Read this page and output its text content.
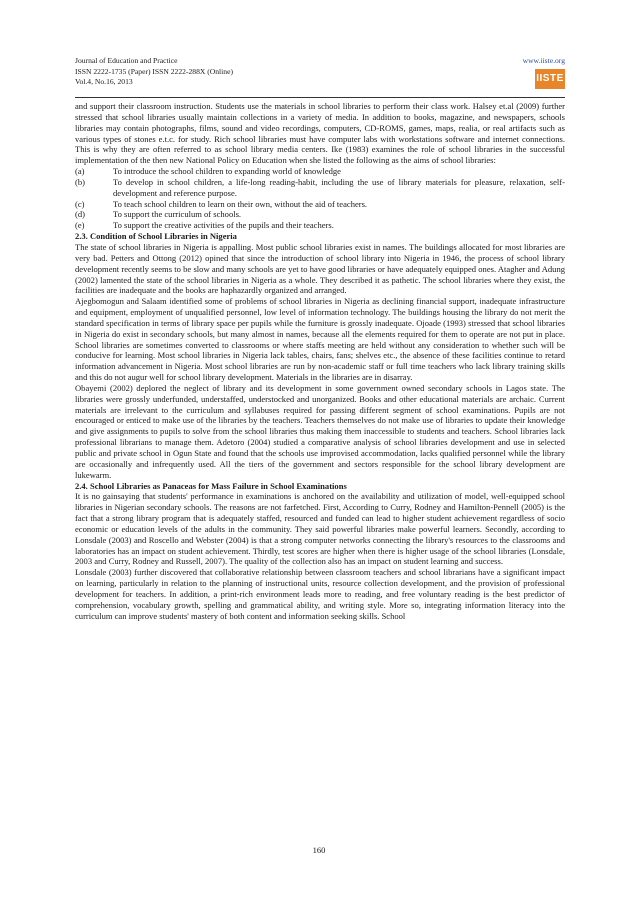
Journal of Education and Practice
ISSN 2222-1735 (Paper) ISSN 2222-288X (Online)
Vol.4, No.16, 2013
www.iiste.org
IISTE

and support their classroom instruction. Students use the materials in school libraries to perform their class work. Halsey et.al (2009) further stressed that school libraries usually maintain collections in a variety of media. In addition to books, magazine, and newspapers, schools libraries may contain photographs, films, sound and video recordings, computers, CD-ROMS, games, maps, realia, or real artifacts such as various types of stones e.t.c. for study. Rich school libraries must have computer labs with workstations software and internet connections. This is why they are often referred to as school library media centers. Ike (1983) examines the role of school libraries in the successful implementation of the then new National Policy on Education when she listed the following as the aims of school libraries:

(a)	To introduce the school children to expanding world of knowledge
(b)	To develop in school children, a life-long reading-habit, including the use of library materials for pleasure, relaxation, self-development and reference purpose.
(c)	To teach school children to learn on their own, without the aid of teachers.
(d)	To support the curriculum of schools.
(e)	To support the creative activities of the pupils and their teachers.

2.3. Condition of School Libraries in Nigeria

The state of school libraries in Nigeria is appalling. Most public school libraries exist in names. The buildings allocated for most libraries are very bad. Petters and Ottong (2012) opined that since the introduction of school library into Nigeria in 1946, the process of school library development recently seems to be slow and many schools are yet to have good libraries or have adequately equipped ones. Atagher and Adung (2002) lamented the state of the school libraries in Nigeria as a whole. They described it as pathetic. The school libraries where they exist, the facilities are inadequate and the books are haphazardly organized and arranged.

Ajegbomogun and Salaam identified some of problems of school libraries in Nigeria as declining financial support, inadequate infrastructure and equipment, employment of unqualified personnel, low level of information technology. The buildings housing the library do not merit the standard specification in terms of library space per pupils while the furniture is grossly inadequate. Ojoade (1993) stressed that school libraries in Nigeria do exist in secondary schools, but many almost in names, because all the elements required for them to operate are not put in place. School libraries are sometimes converted to classrooms or where staffs meeting are held without any consideration to whether such will be conducive for learning. Most school libraries in Nigeria lack tables, chairs, fans; shelves etc., the absence of these facilities continue to retard information advancement in Nigeria. Most school libraries are run by non-academic staff or full time teachers who lack library training skills and this do not augur well for school library development. Materials in the libraries are in disarray.

Obayemi (2002) deplored the neglect of library and its development in some government owned secondary schools in Lagos state. The libraries were grossly underfunded, understaffed, understocked and unorganized. Books and other educational materials are archaic. Current materials are irrelevant to the curriculum and syllabuses required for passing different segment of school examinations. Pupils are not encouraged or enticed to make use of the libraries by the teachers. Teachers themselves do not make use of libraries to update their knowledge and give assignments to pupils to solve from the school libraries thus making them inaccessible to students and teachers. School libraries lack professional librarians to manage them. Adetoro (2004) studied a comparative analysis of school libraries development and use in selected public and private school in Ogun State and found that the schools use improvised accommodation, lacks qualified personnel while the library are occasionally and infrequently used. All the tiers of the government and sectors responsible for the school library development are lukewarm.

2.4. School Libraries as Panaceas for Mass Failure in School Examinations

It is no gainsaying that students' performance in examinations is anchored on the availability and utilization of model, well-equipped school libraries in Nigerian secondary schools. The reasons are not farfetched. First, According to Curry, Rodney and Hamilton-Pennell (2005) is the fact that a strong library program that is adequately staffed, resourced and funded can lead to higher student achievement regardless of socio economic or education levels of the adults in the community. They said powerful libraries make powerful learners. Secondly, according to Lonsdale (2003) and Roscello and Webster (2004) is that a strong computer networks connecting the library's resources to the classrooms and laboratories has an impact on student achievement. Thirdly, test scores are higher when there is higher usage of the school libraries (Lonsdale, 2003 and Curry, Rodney and Russell, 2007). The quality of the collection also has an impact on student learning and success.

Lonsdale (2003) further discovered that collaborative relationship between classroom teachers and school librarians have a significant impact on learning, particularly in relation to the planning of instructional units, resource collection development, and the provision of professional development for teachers. In addition, a print-rich environment leads more to reading, and free voluntary reading is the best predictor of comprehension, vocabulary growth, spelling and grammatical ability, and writing style. More so, integrating information literacy into the curriculum can improve students' mastery of both content and information seeking skills. School

160
